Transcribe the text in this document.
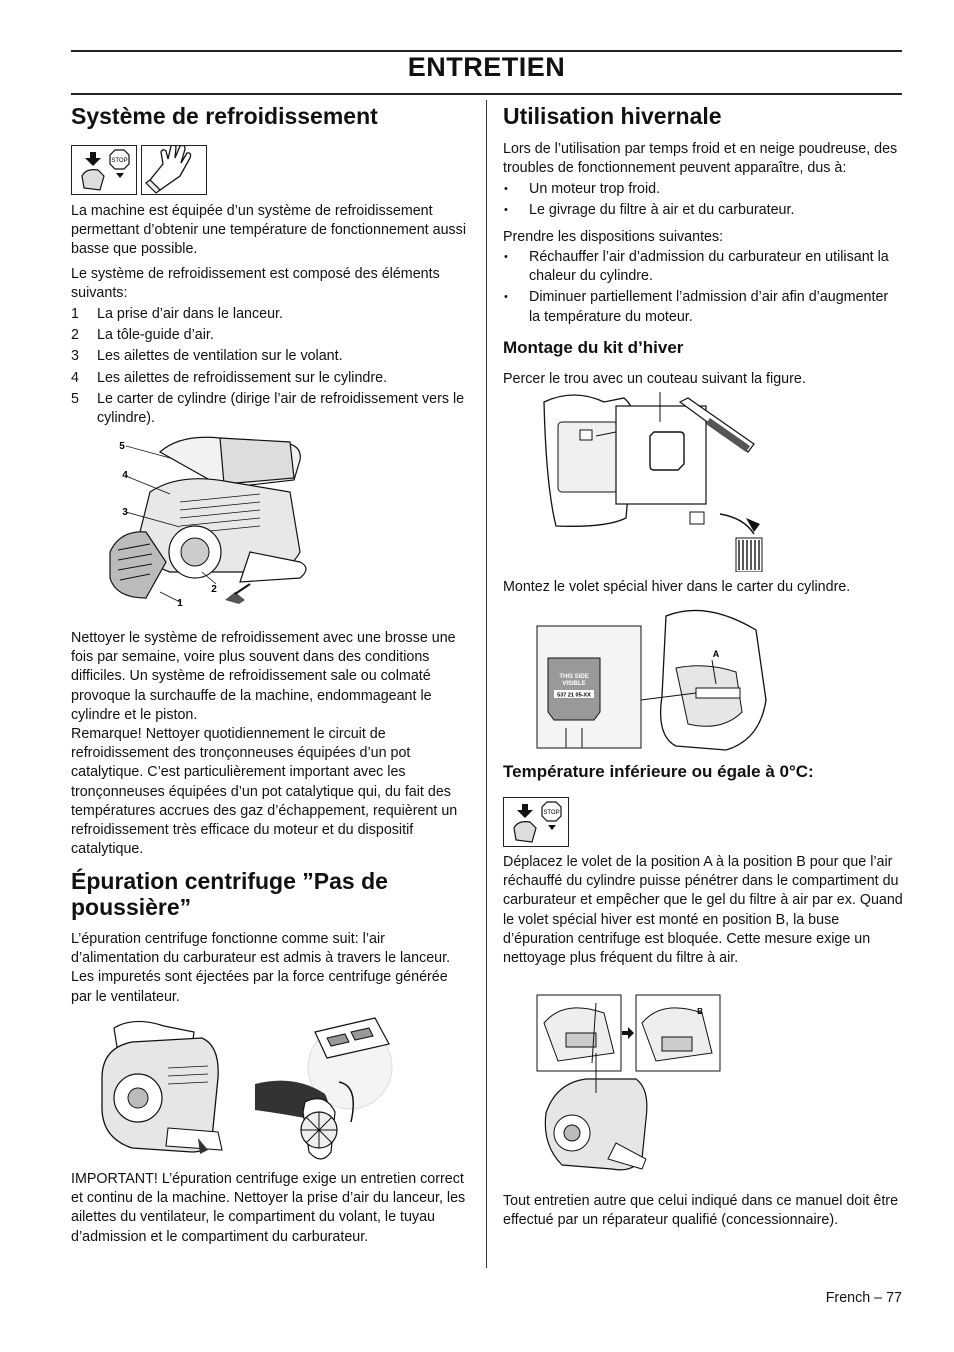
ENTRETIEN
Système de refroidissement
STOP

La machine est équipée d’un système de refroidissement permettant d’obtenir une température de fonctionnement aussi basse que possible.

Le système de refroidissement est composé des éléments suivants:

1 La prise d’air dans le lanceur.
2 La tôle-guide d’air.
3 Les ailettes de ventilation sur le volant.
4 Les ailettes de refroidissement sur le cylindre.
5 Le carter de cylindre (dirige l’air de refroidissement vers le cylindre).
5
4
3
2
1

Nettoyer le système de refroidissement avec une brosse une fois par semaine, voire plus souvent dans des conditions difficiles. Un système de refroidissement sale ou colmaté provoque la surchauffe de la machine, endommageant le cylindre et le piston.

Remarque! Nettoyer quotidiennement le circuit de refroidissement des tronçonneuses équipées d’un pot catalytique. C’est particulièrement important avec les tronçonneuses équipées d’un pot catalytique qui, du fait des températures accrues des gaz d’échappement, requièrent un refroidissement très efficace du moteur et du dispositif catalytique.

Épuration centrifuge ”Pas de poussière”

L’épuration centrifuge fonctionne comme suit: l’air d’alimentation du carburateur est admis à travers le lanceur. Les impuretés sont éjectées par la force centrifuge générée par le ventilateur.

IMPORTANT! L’épuration centrifuge exige un entretien correct et continu de la machine. Nettoyer la prise d’air du lanceur, les ailettes du ventilateur, le compartiment du volant, le tuyau d’admission et le compartiment du carburateur.

Utilisation hivernale

Lors de l’utilisation par temps froid et en neige poudreuse, des troubles de fonctionnement peuvent apparaître, dus à:

• Un moteur trop froid.
• Le givrage du filtre à air et du carburateur.

Prendre les dispositions suivantes:

• Réchauffer l’air d’admission du carburateur en utilisant la chaleur du cylindre.
• Diminuer partiellement l’admission d’air afin d’augmenter la température du moteur.
Montage du kit d’hiver

Percer le trou avec un couteau suivant la figure.

Montez le volet spécial hiver dans le carter du cylindre.

THIS SIDE
VISIBLE
537 21 05-XX
A
Température inférieure ou égale à 0°C:
STOP

Déplacez le volet de la position A à la position B pour que l’air réchauffé du cylindre puisse pénétrer dans le compartiment du carburateur et empêcher que le gel du filtre à air par ex. Quand le volet spécial hiver est monté en position B, la buse d’épuration centrifuge est bloquée. Cette mesure exige un nettoyage plus fréquent du filtre à air.

B

Tout entretien autre que celui indiqué dans ce manuel doit être effectué par un réparateur qualifié (concessionnaire).

French – 77
